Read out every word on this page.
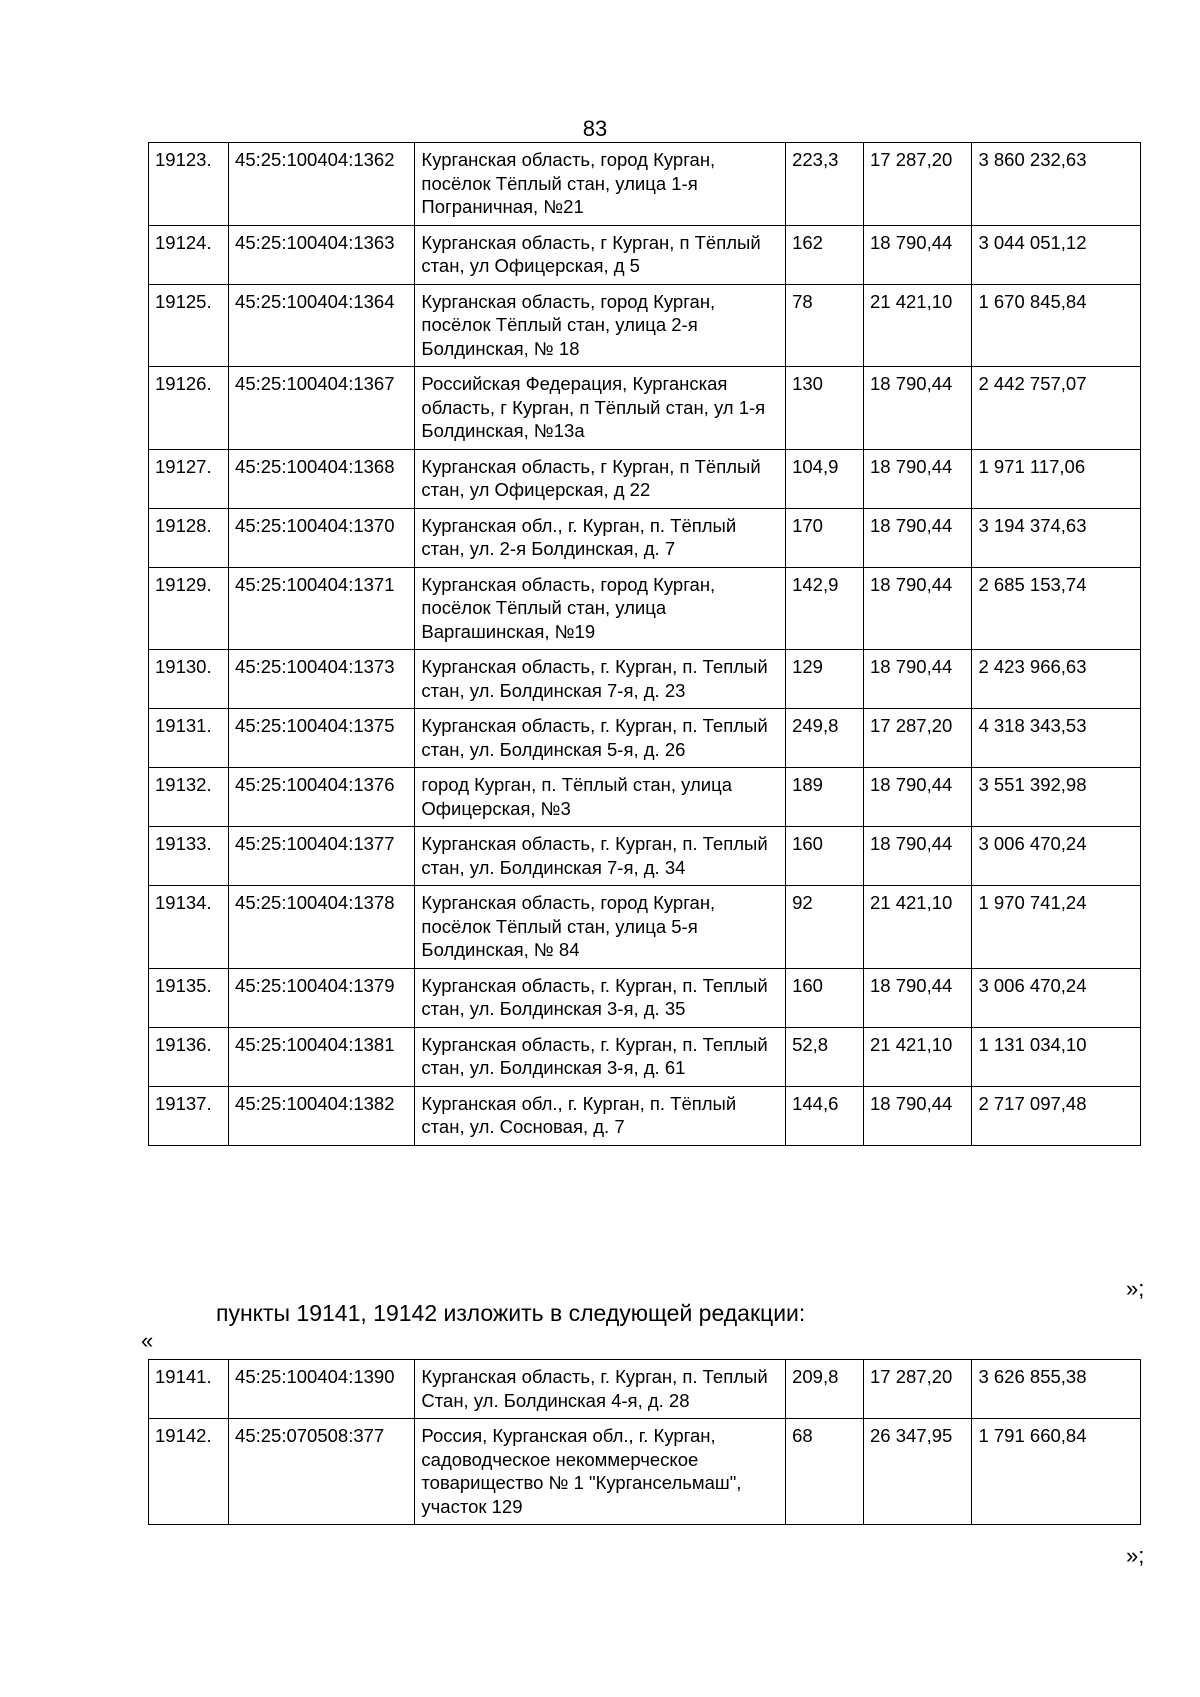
83
19123.	45:25:100404:1362	Курганская область, город Курган, посёлок Тёплый стан, улица 1-я Пограничная, №21	223,3	17 287,20	3 860 232,63
19124.	45:25:100404:1363	Курганская область, г Курган, п Тёплый стан, ул Офицерская, д 5	162	18 790,44	3 044 051,12
19125.	45:25:100404:1364	Курганская область, город Курган, посёлок Тёплый стан, улица 2-я Болдинская, № 18	78	21 421,10	1 670 845,84
19126.	45:25:100404:1367	Российская Федерация, Курганская область, г Курган, п Тёплый стан, ул 1-я Болдинская, №13а	130	18 790,44	2 442 757,07
19127.	45:25:100404:1368	Курганская область, г Курган, п Тёплый стан, ул Офицерская, д 22	104,9	18 790,44	1 971 117,06
19128.	45:25:100404:1370	Курганская обл., г. Курган, п. Тёплый стан, ул. 2-я Болдинская, д. 7	170	18 790,44	3 194 374,63
19129.	45:25:100404:1371	Курганская область, город Курган, посёлок Тёплый стан, улица Варгашинская, №19	142,9	18 790,44	2 685 153,74
19130.	45:25:100404:1373	Курганская область, г. Курган, п. Теплый стан, ул. Болдинская 7-я, д. 23	129	18 790,44	2 423 966,63
19131.	45:25:100404:1375	Курганская область, г. Курган, п. Теплый стан, ул. Болдинская 5-я, д. 26	249,8	17 287,20	4 318 343,53
19132.	45:25:100404:1376	город Курган, п. Тёплый стан, улица Офицерская, №3	189	18 790,44	3 551 392,98
19133.	45:25:100404:1377	Курганская область, г. Курган, п. Теплый стан, ул. Болдинская 7-я, д. 34	160	18 790,44	3 006 470,24
19134.	45:25:100404:1378	Курганская область, город Курган, посёлок Тёплый стан, улица 5-я Болдинская, № 84	92	21 421,10	1 970 741,24
19135.	45:25:100404:1379	Курганская область, г. Курган, п. Теплый стан, ул. Болдинская 3-я, д. 35	160	18 790,44	3 006 470,24
19136.	45:25:100404:1381	Курганская область, г. Курган, п. Теплый стан, ул. Болдинская 3-я, д. 61	52,8	21 421,10	1 131 034,10
19137.	45:25:100404:1382	Курганская обл., г. Курган, п. Тёплый стан, ул. Сосновая, д. 7	144,6	18 790,44	2 717 097,48
»;
пункты 19141, 19142 изложить в следующей редакции:
«
19141.	45:25:100404:1390	Курганская область, г. Курган, п. Теплый Стан, ул. Болдинская 4-я, д. 28	209,8	17 287,20	3 626 855,38
19142.	45:25:070508:377	Россия, Курганская обл., г. Курган, садоводческое некоммерческое товарищество № 1 "Кургансельмаш", участок 129	68	26 347,95	1 791 660,84
»;
